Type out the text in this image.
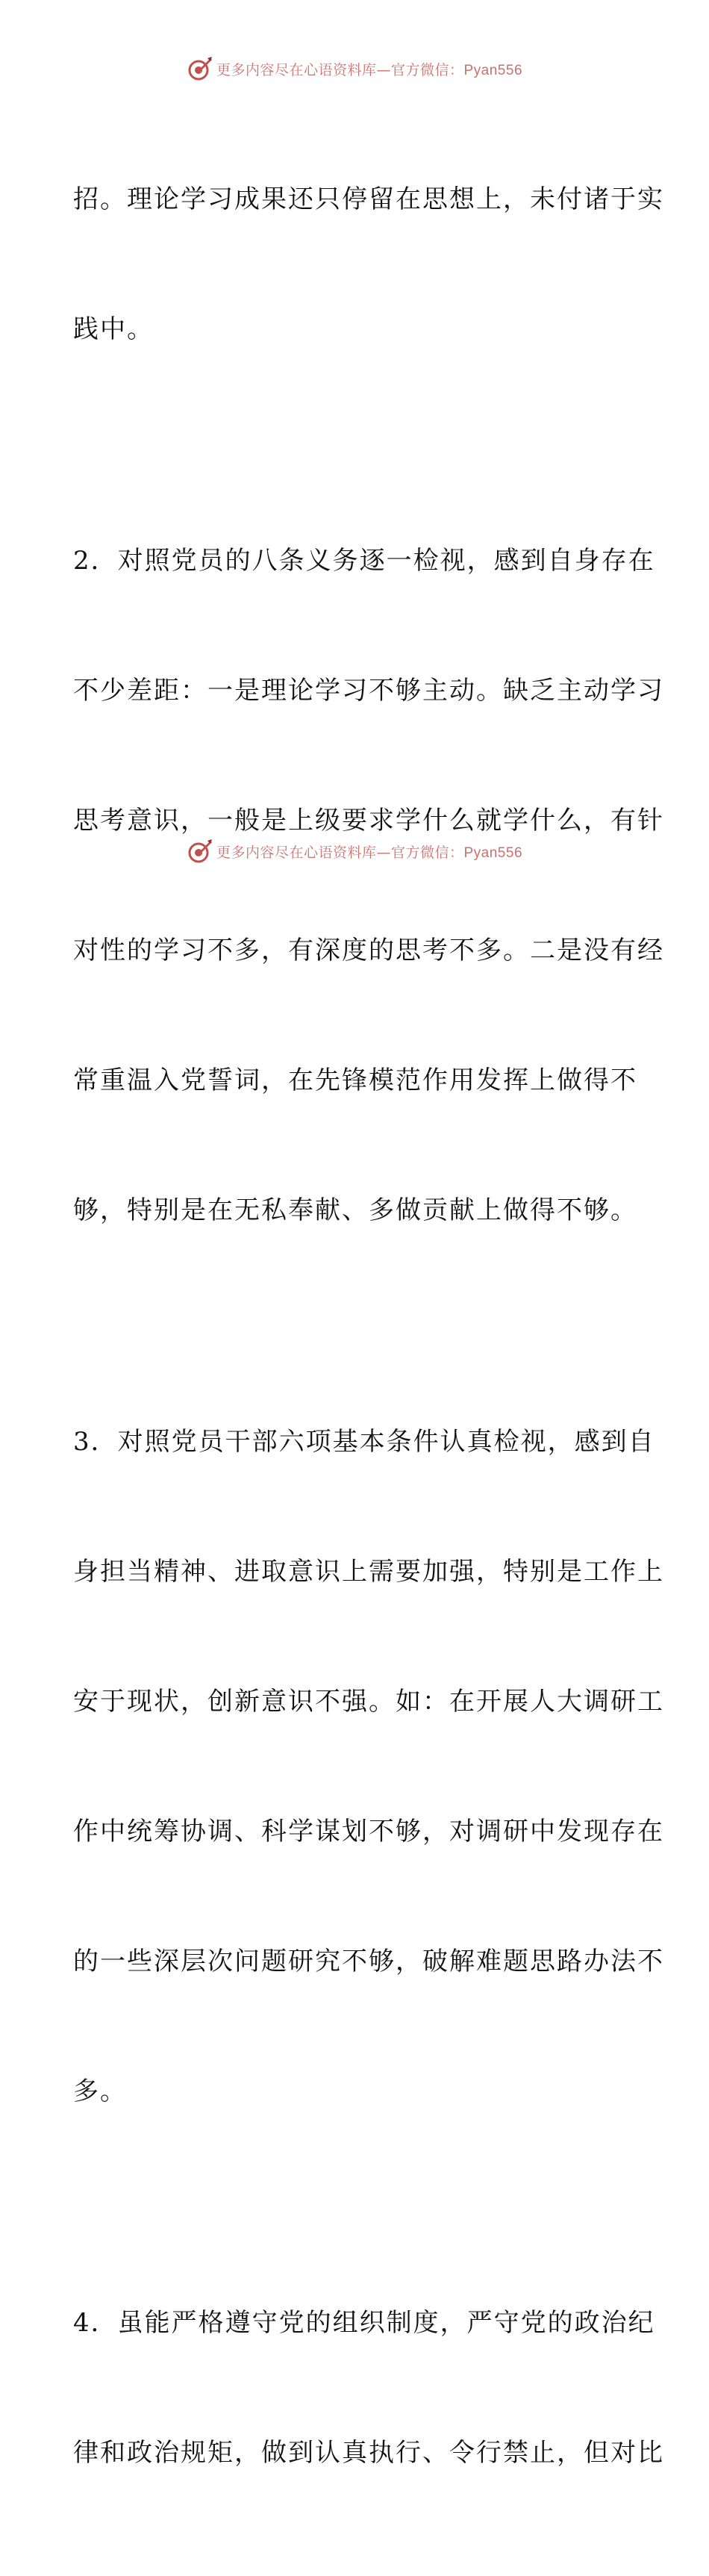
更多内容尽在心语资料库—官方微信：Pyan556

招。理论学习成果还只停留在思想上，未付诸于实

践中。

2．对照党员的八条义务逐一检视，感到自身存在

不少差距：一是理论学习不够主动。缺乏主动学习

思考意识，一般是上级要求学什么就学什么，有针

对性的学习不多，有深度的思考不多。二是没有经

常重温入党誓词，在先锋模范作用发挥上做得不

够，特别是在无私奉献、多做贡献上做得不够。

3．对照党员干部六项基本条件认真检视，感到自

身担当精神、进取意识上需要加强，特别是工作上

安于现状，创新意识不强。如：在开展人大调研工

作中统筹协调、科学谋划不够，对调研中发现存在

的一些深层次问题研究不够，破解难题思路办法不

多。

4．虽能严格遵守党的组织制度，严守党的政治纪

律和政治规矩，做到认真执行、令行禁止，但对比

更多内容尽在心语资料库—官方微信：Pyan556
